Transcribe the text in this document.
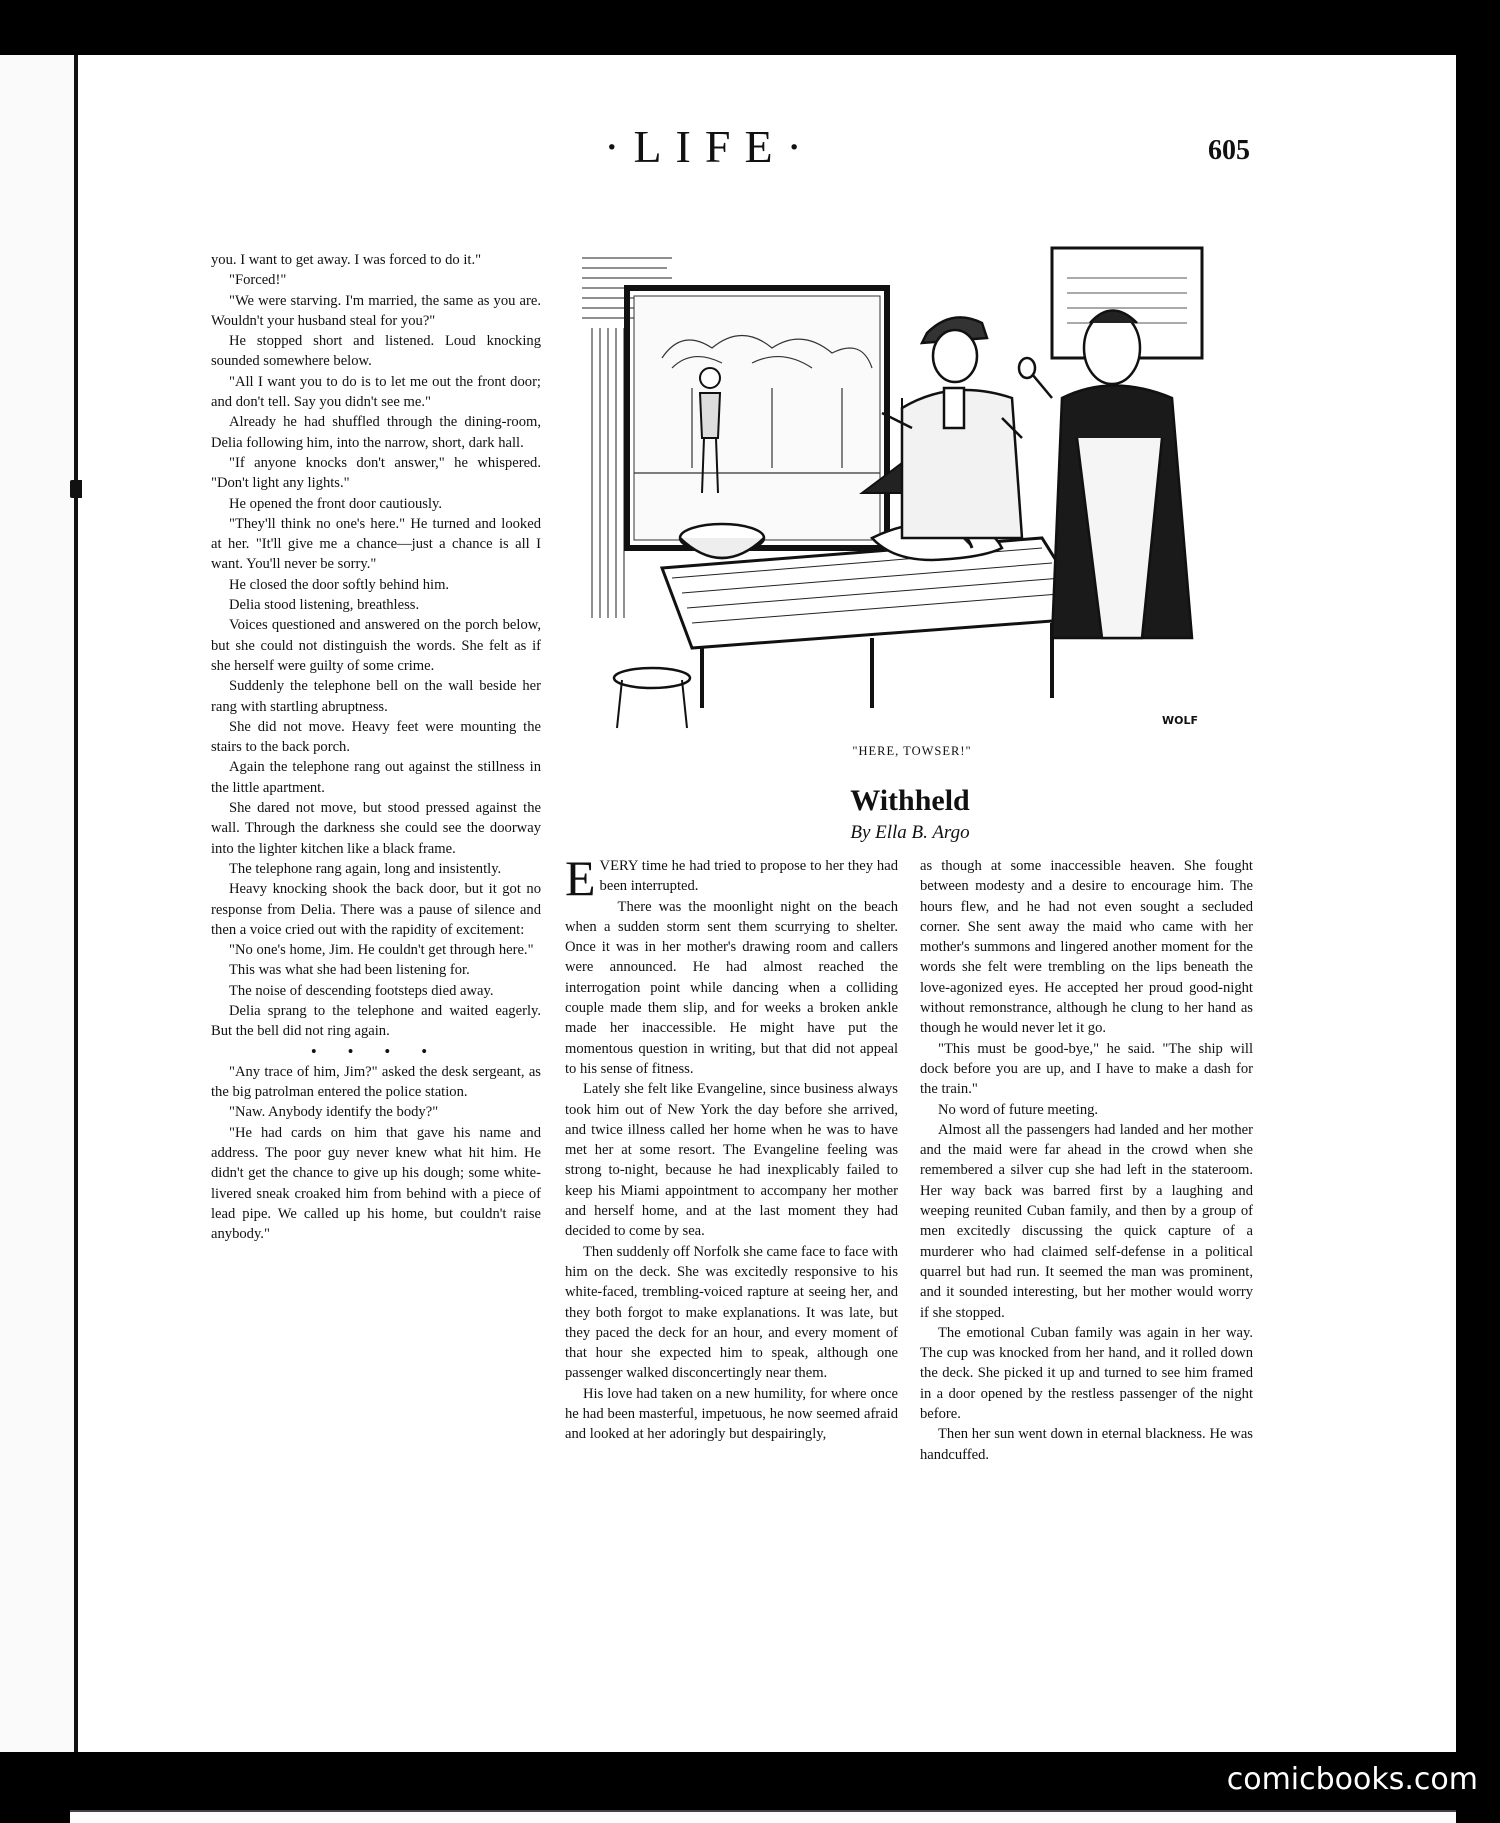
·LIFE·	605

you. I want to get away. I was forced to do it."

"Forced!"

"We were starving. I'm married, the same as you are. Wouldn't your husband steal for you?"

He stopped short and listened. Loud knocking sounded somewhere below.

"All I want you to do is to let me out the front door; and don't tell. Say you didn't see me."

Already he had shuffled through the dining-room, Delia following him, into the narrow, short, dark hall.

"If anyone knocks don't answer," he whispered. "Don't light any lights."

He opened the front door cautiously.

"They'll think no one's here." He turned and looked at her. "It'll give me a chance—just a chance is all I want. You'll never be sorry."

He closed the door softly behind him.

Delia stood listening, breathless.

Voices questioned and answered on the porch below, but she could not distinguish the words. She felt as if she herself were guilty of some crime.

Suddenly the telephone bell on the wall beside her rang with startling abruptness.

She did not move. Heavy feet were mounting the stairs to the back porch.

Again the telephone rang out against the stillness in the little apartment.

She dared not move, but stood pressed against the wall. Through the darkness she could see the doorway into the lighter kitchen like a black frame.

The telephone rang again, long and insistently.

Heavy knocking shook the back door, but it got no response from Delia. There was a pause of silence and then a voice cried out with the rapidity of excitement:

"No one's home, Jim. He couldn't get through here."

This was what she had been listening for.

The noise of descending footsteps died away.

Delia sprang to the telephone and waited eagerly. But the bell did not ring again.

• • • •

"Any trace of him, Jim?" asked the desk sergeant, as the big patrolman entered the police station.

"Naw. Anybody identify the body?"

"He had cards on him that gave his name and address. The poor guy never knew what hit him. He didn't get the chance to give up his dough; some white-livered sneak croaked him from behind with a piece of lead pipe. We called up his home, but couldn't raise anybody."

WOLF
"HERE, TOWSER!"
Withheld
By Ella B. Argo

EVERY time he had tried to propose to her they had been interrupted.

There was the moonlight night on the beach when a sudden storm sent them scurrying to shelter. Once it was in her mother's drawing room and callers were announced. He had almost reached the interrogation point while dancing when a colliding couple made them slip, and for weeks a broken ankle made her inaccessible. He might have put the momentous question in writing, but that did not appeal to his sense of fitness.

Lately she felt like Evangeline, since business always took him out of New York the day before she arrived, and twice illness called her home when he was to have met her at some resort. The Evangeline feeling was strong to-night, because he had inexplicably failed to keep his Miami appointment to accompany her mother and herself home, and at the last moment they had decided to come by sea.

Then suddenly off Norfolk she came face to face with him on the deck. She was excitedly responsive to his white-faced, trembling-voiced rapture at seeing her, and they both forgot to make explanations. It was late, but they paced the deck for an hour, and every moment of that hour she expected him to speak, although one passenger walked disconcertingly near them.

His love had taken on a new humility, for where once he had been masterful, impetuous, he now seemed afraid and looked at her adoringly but despairingly,

as though at some inaccessible heaven. She fought between modesty and a desire to encourage him. The hours flew, and he had not even sought a secluded corner. She sent away the maid who came with her mother's summons and lingered another moment for the words she felt were trembling on the lips beneath the love-agonized eyes. He accepted her proud good-night without remonstrance, although he clung to her hand as though he would never let it go.

"This must be good-bye," he said. "The ship will dock before you are up, and I have to make a dash for the train."

No word of future meeting.

Almost all the passengers had landed and her mother and the maid were far ahead in the crowd when she remembered a silver cup she had left in the stateroom. Her way back was barred first by a laughing and weeping reunited Cuban family, and then by a group of men excitedly discussing the quick capture of a murderer who had claimed self-defense in a political quarrel but had run. It seemed the man was prominent, and it sounded interesting, but her mother would worry if she stopped.

The emotional Cuban family was again in her way. The cup was knocked from her hand, and it rolled down the deck. She picked it up and turned to see him framed in a door opened by the restless passenger of the night before.

Then her sun went down in eternal blackness. He was handcuffed.

comicbooks.com
